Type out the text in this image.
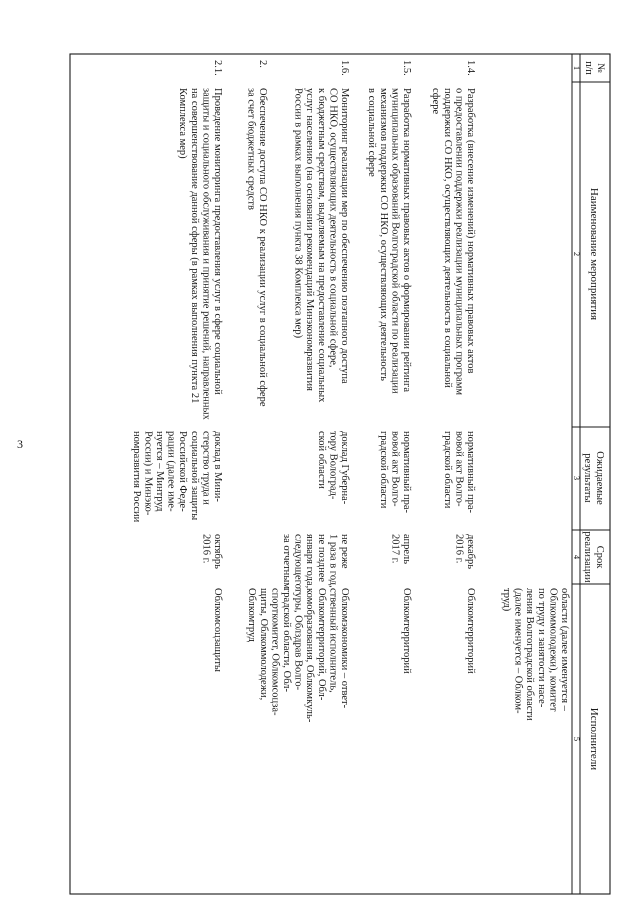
№
п/п
Наименование мероприятия
Ожидаемые
результаты
Срок
реализации
Исполнители
1
2
3
4
5
области (далее именуется –
Облкоммолодежи), комитет
по труду и занятости насе-
ления Волгоградской области
(далее именуется – Облком-
труд)
1.4.
Разработка (внесение изменений) нормативных правовых актов
о предоставлении поддержки реализации муниципальных программ
поддержки СО НКО, осуществляющих деятельность в социальной
сфере
нормативный пра-
вовой акт Волго-
градской области
декабрь
2016 г.
Облкомтерриторий
1.5.
Разработка нормативных правовых актов о формировании рейтинга
муниципальных образований Волгоградской области по реализации
механизмов поддержки СО НКО, осуществляющих деятельность
в социальной сфере
нормативный пра-
вовой акт Волго-
градской области
апрель
2017 г.
Облкомтерриторий
1.6.
Мониторинг реализации мер по обеспечению поэтапного доступа
СО НКО, осуществляющих деятельность в социальной сфере,
к бюджетным средствам, выделяемым на предоставление социальных
услуг населению (на основании рекомендаций Минэкономразвития
России в рамках выполнения пункта 38 Комплекса мер)
доклад Губерна-
тору Волоград-
ской области
не реже
1 раза в год,
не позднее
января года,
следующего
за отчетным
Облкомэкономики – ответ-
ственный исполнитель,
Облкомтерриторий, Обл-
комобразования, Облкомкуль-
туры, Облздрав Волго-
градской области, Обл-
спорткомитет, Облкомсоцза-
щиты, Облкоммолодежи,
Облкомтруд
2.
Обеспечение доступа СО НКО к реализации услуг в социальной сфере
за счет бюджетных средств
2.1.
Проведение мониторинга предоставления услуг в сфере социальной
защиты и социального обслуживания и принятие решений, направленных
на совершенствование данной сферы (в рамках выполнения пункта 21
Комплекса мер)
доклад в Мини-
стерство труда и
социальной защиты
Российской Феде-
рации (далее име-
нуется – Минтруд
России) и Минэко-
номразвития России
октябрь
2016 г.
Облкомсоцзащиты
3
